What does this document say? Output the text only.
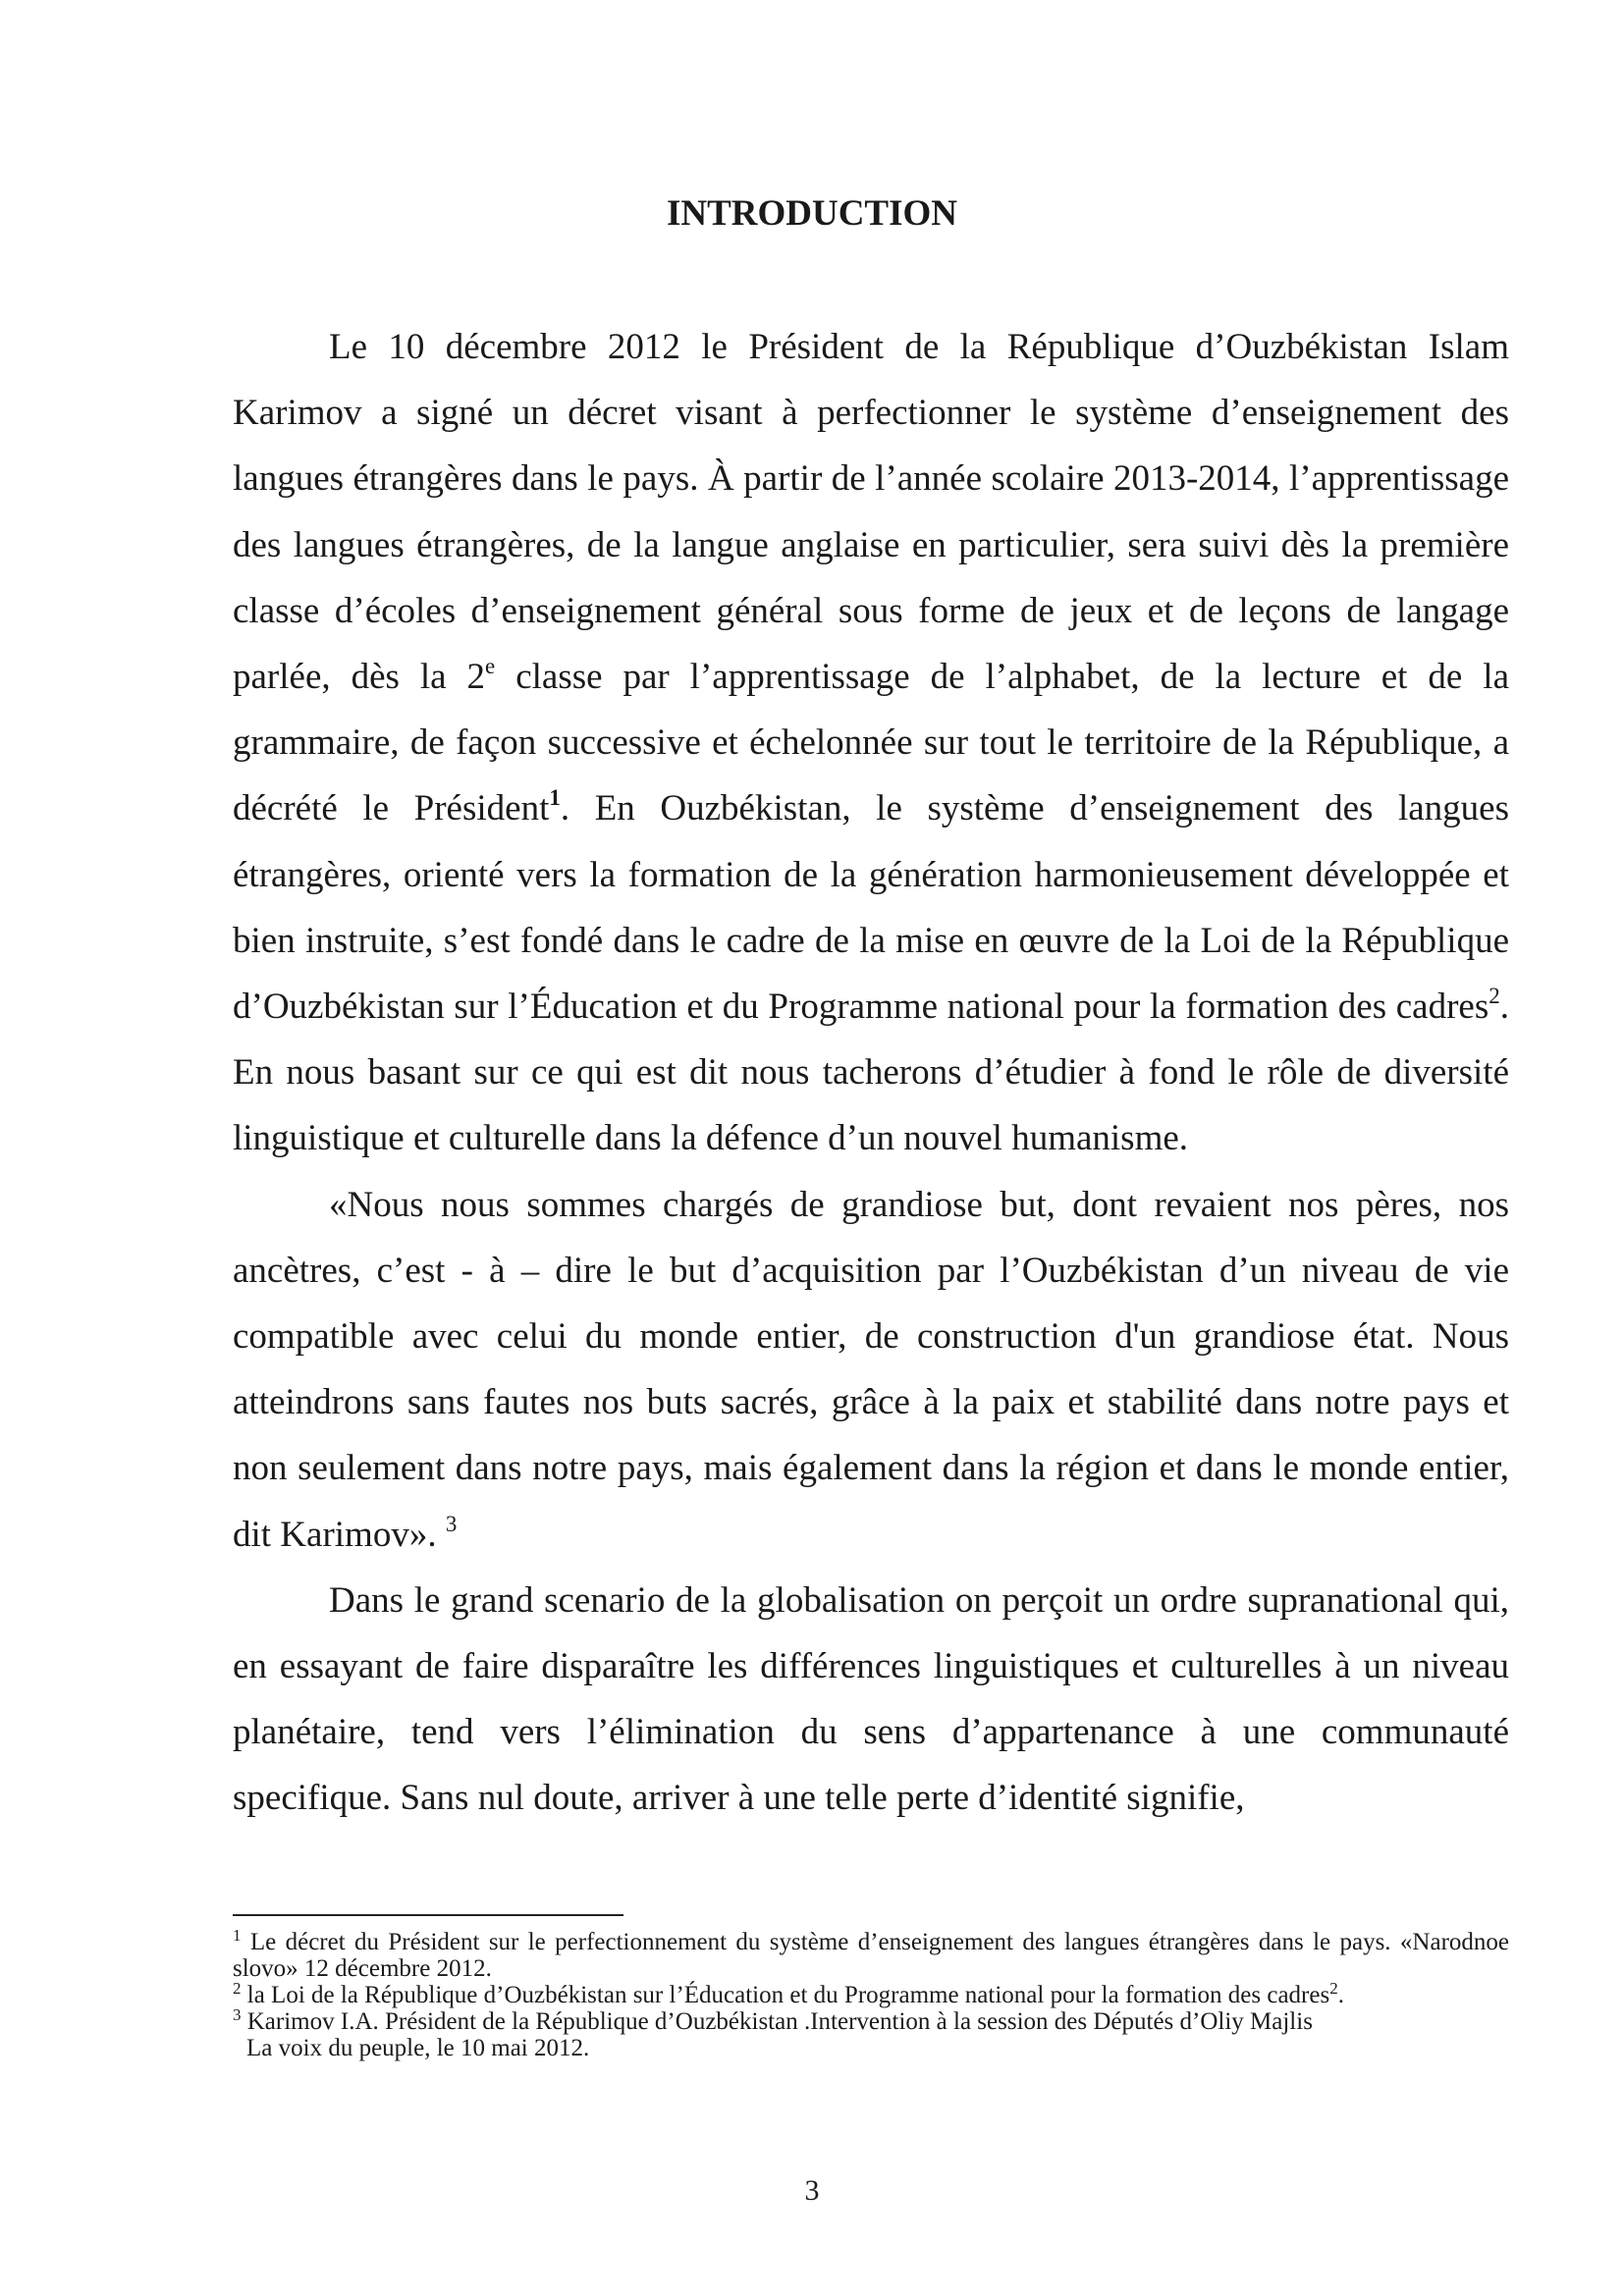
INTRODUCTION

Le 10 décembre 2012 le Président de la République d’Ouzbékistan Islam Karimov a signé un décret visant à perfectionner le système d’enseignement des langues étrangères dans le pays. À partir de l’année scolaire 2013-2014, l’apprentissage des langues étrangères, de la langue anglaise en particulier, sera suivi dès la première classe d’écoles d’enseignement général sous forme de jeux et de leçons de langage parlée, dès la 2e classe par l’apprentissage de l’alphabet, de la lecture et de la grammaire, de façon successive et échelonnée sur tout le territoire de la République, a décrété le Président$^1$. En Ouzbékistan, le système d’enseignement des langues étrangères, orienté vers la formation de la génération harmonieusement développée et bien instruite, s’est fondé dans le cadre de la mise en œuvre de la Loi de la République d’Ouzbékistan sur l’Éducation et du Programme national pour la formation des cadres$^2$. En nous basant sur ce qui est dit nous tacherons d’étudier à fond le rôle de diversité linguistique et culturelle dans la défence d’un nouvel humanisme.

«Nous nous sommes chargés de grandiose but, dont revaient nos pères, nos ancètres, c’est - à – dire le but d’acquisition par l’Ouzbékistan d’un niveau de vie compatible avec celui du monde entier, de construction d'un grandiose état. Nous atteindrons sans fautes nos buts sacrés, grâce à la paix et stabilité dans notre pays et non seulement dans notre pays, mais également dans la région et dans le monde entier, dit Karimov». $^3$

Dans le grand scenario de la globalisation on perçoit un ordre supranational qui, en essayant de faire disparaître les différences linguistiques et culturelles à un niveau planétaire, tend vers l’élimination du sens d’appartenance à une communauté specifique. Sans nul doute, arriver à une telle perte d’identité signifie,

$^1$ Le décret du Président sur le perfectionnement du système d’enseignement des langues étrangères dans le pays. «Narodnoe slovo» 12 décembre 2012.

$^2$ la Loi de la République d’Ouzbékistan sur l’Éducation et du Programme national pour la formation des cadres$^2$.

$^3$ Karimov I.A. Président de la République d’Ouzbékistan .Intervention à la session des Députés d’Oliy Majlis

La voix du peuple, le 10 mai 2012.

3
